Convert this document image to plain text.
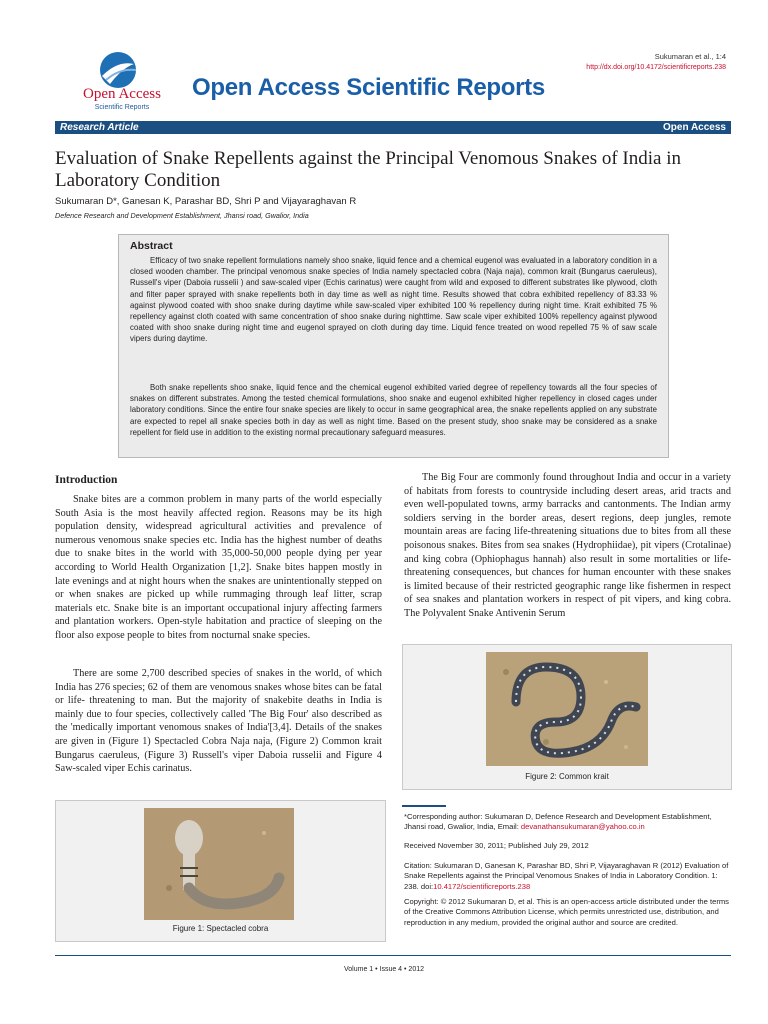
Open Access
Scientific Reports
Open Access Scientific Reports
Sukumaran et al., 1:4
http://dx.doi.org/10.4172/scientificreports.238
Research Article	Open Access
Evaluation of Snake Repellents against the Principal Venomous Snakes of India in Laboratory Condition
Sukumaran D*, Ganesan K, Parashar BD, Shri P and Vijayaraghavan R
Defence Research and Development Establishment, Jhansi road, Gwalior, India
Abstract
Efficacy of two snake repellent formulations namely shoo snake, liquid fence and a chemical eugenol was evaluated in a laboratory condition in a closed wooden chamber. The principal venomous snake species of India namely spectacled cobra (Naja naja), common krait (Bungarus caeruleus), Russell's viper (Daboia russelii ) and saw-scaled viper (Echis carinatus) were caught from wild and exposed to different substrates like plywood, cloth and filter paper sprayed with snake repellents both in day time as well as night time. Results showed that cobra exhibited repellency of 83.33 % against plywood coated with shoo snake during daytime while saw-scaled viper exhibited 100 % repellency during night time. Krait exhibited 75 % repellency against cloth coated with same concentration of shoo snake during nighttime. Saw scale viper exhibited 100% repellency against plywood coated with shoo snake during night time and eugenol sprayed on cloth during day time. Liquid fence treated on wood repelled 75 % of saw scale vipers during daytime.
Both snake repellents shoo snake, liquid fence and the chemical eugenol exhibited varied degree of repellency towards all the four species of snakes on different substrates. Among the tested chemical formulations, shoo snake and eugenol exhibited higher repellency in closed cages under laboratory conditions. Since the entire four snake species are likely to occur in same geographical area, the snake repellents applied on any substrate are expected to repel all snake species both in day as well as night time. Based on the present study, shoo snake may be considered as a snake repellent for field use in addition to the existing normal precautionary safeguard measures.
Introduction

Snake bites are a common problem in many parts of the world especially South Asia is the most heavily affected region. Reasons may be its high population density, widespread agricultural activities and prevalence of numerous venomous snake species etc. India has the highest number of deaths due to snake bites in the world with 35,000-50,000 people dying per year according to World Health Organization [1,2]. Snake bites happen mostly in late evenings and at night hours when the snakes are unintentionally stepped on or when snakes are picked up while rummaging through leaf litter, scrap materials etc. Snake bite is an important occupational injury affecting farmers and plantation workers. Open-style habitation and practice of sleeping on the floor also expose people to bites from nocturnal snake species.

There are some 2,700 described species of snakes in the world, of which India has 276 species; 62 of them are venomous snakes whose bites can be fatal or life- threatening to man. But the majority of snakebite deaths in India is mainly due to four species, collectively called 'The Big Four' also described as the 'medically important venomous snakes of India'[3,4]. Details of the snakes are given in (Figure 1) Spectacled Cobra Naja naja, (Figure 2) Common krait Bungarus caeruleus, (Figure 3) Russell's viper Daboia russelii and Figure 4 Saw-scaled viper Echis carinatus.

The Big Four are commonly found throughout India and occur in a variety of habitats from forests to countryside including desert areas, arid tracts and even well-populated towns, army barracks and cantonments. The Indian army soldiers serving in the border areas, desert regions, deep jungles, remote mountain areas are facing life-threatening situations due to bites from all these poisonous snakes. Bites from sea snakes (Hydrophiidae), pit vipers (Crotalinae) and king cobra (Ophiophagus hannah) also result in some mortalities or life-threatening consequences, but chances for human encounter with these snakes is limited because of their restricted geographic range like fishermen in respect of sea snakes and plantation workers in respect of pit vipers, and king cobra. The Polyvalent Snake Antivenin Serum

Figure 2: Common krait
Figure 1: Spectacled cobra
*Corresponding author: Sukumaran D, Defence Research and Development Establishment, Jhansi road, Gwalior, India, Email: devanathansukumaran@yahoo.co.in
Received November 30, 2011; Published July 29, 2012
Citation: Sukumaran D, Ganesan K, Parashar BD, Shri P, Vijayaraghavan R (2012) Evaluation of Snake Repellents against the Principal Venomous Snakes of India in Laboratory Condition. 1: 238. doi:10.4172/scientificreports.238
Copyright: © 2012 Sukumaran D, et al. This is an open-access article distributed under the terms of the Creative Commons Attribution License, which permits unrestricted use, distribution, and reproduction in any medium, provided the original author and source are credited.
Volume 1 • Issue 4 • 2012
